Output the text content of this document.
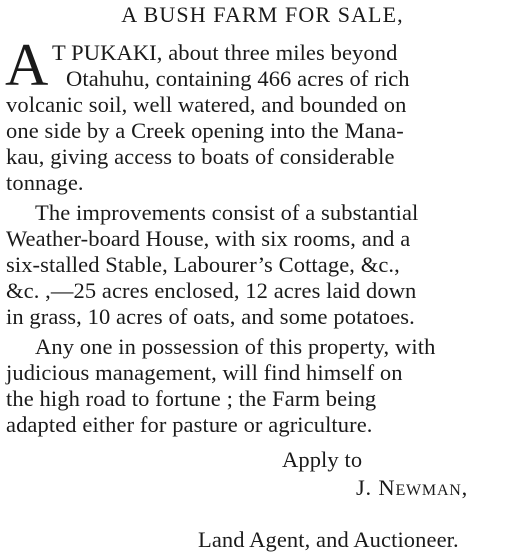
A BUSH FARM FOR SALE,
A T PUKAKI, about three miles beyond
Otahuhu, containing 466 acres of rich
volcanic soil, well watered, and bounded on
one side by a Creek opening into the Mana-
kau, giving access to boats of considerable
tonnage.
The improvements consist of a substantial
Weather-board House, with six rooms, and a
six-stalled Stable, Labourer’s Cottage, &c.,
&c. ,—25 acres enclosed, 12 acres laid down
in grass, 10 acres of oats, and some potatoes.
Any one in possession of this property, with
judicious management, will find himself on
the high road to fortune ; the Farm being
adapted either for pasture or agriculture.
Apply to
J. Newman,
Land Agent, and Auctioneer.
